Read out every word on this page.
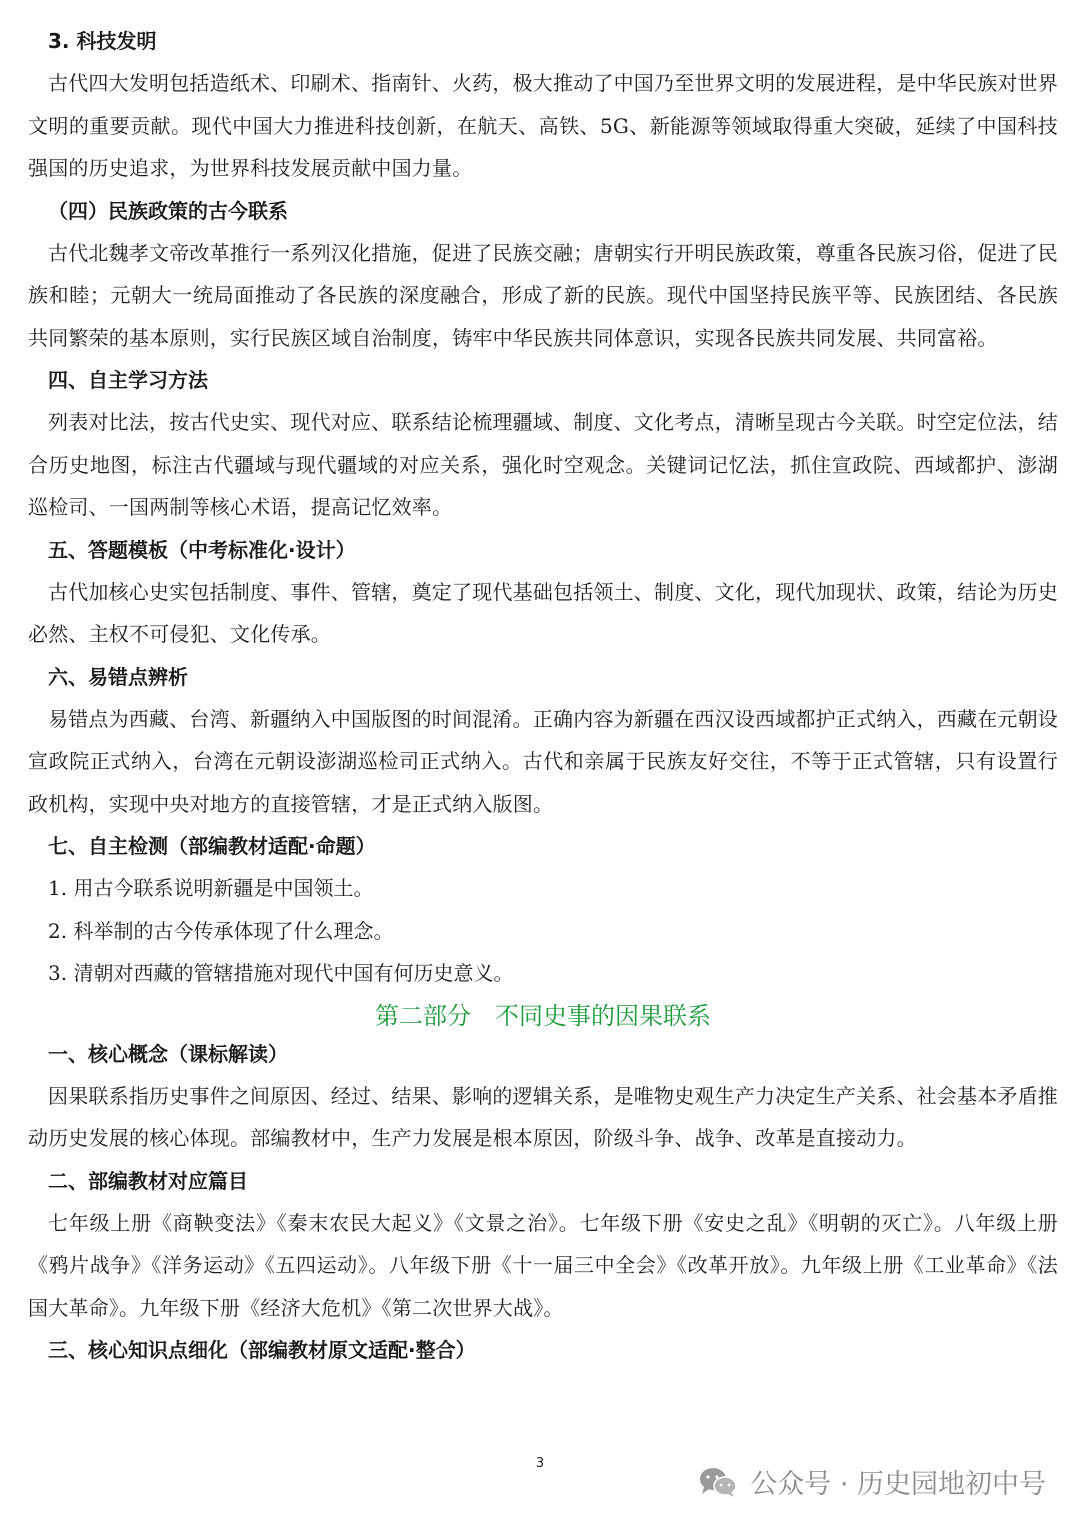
3. 科技发明

古代四大发明包括造纸术、印刷术、指南针、火药，极大推动了中国乃至世界文明的发展进程，是中华民族对世界文明的重要贡献。现代中国大力推进科技创新，在航天、高铁、5G、新能源等领域取得重大突破，延续了中国科技强国的历史追求，为世界科技发展贡献中国力量。

（四）民族政策的古今联系

古代北魏孝文帝改革推行一系列汉化措施，促进了民族交融；唐朝实行开明民族政策，尊重各民族习俗，促进了民族和睦；元朝大一统局面推动了各民族的深度融合，形成了新的民族。现代中国坚持民族平等、民族团结、各民族共同繁荣的基本原则，实行民族区域自治制度，铸牢中华民族共同体意识，实现各民族共同发展、共同富裕。

四、自主学习方法

列表对比法，按古代史实、现代对应、联系结论梳理疆域、制度、文化考点，清晰呈现古今关联。时空定位法，结合历史地图，标注古代疆域与现代疆域的对应关系，强化时空观念。关键词记忆法，抓住宣政院、西域都护、澎湖巡检司、一国两制等核心术语，提高记忆效率。

五、答题模板（中考标准化·设计）

古代加核心史实包括制度、事件、管辖，奠定了现代基础包括领土、制度、文化，现代加现状、政策，结论为历史必然、主权不可侵犯、文化传承。

六、易错点辨析

易错点为西藏、台湾、新疆纳入中国版图的时间混淆。正确内容为新疆在西汉设西域都护正式纳入，西藏在元朝设宣政院正式纳入，台湾在元朝设澎湖巡检司正式纳入。古代和亲属于民族友好交往，不等于正式管辖，只有设置行政机构，实现中央对地方的直接管辖，才是正式纳入版图。

七、自主检测（部编教材适配·命题）
1. 用古今联系说明新疆是中国领土。
2. 科举制的古今传承体现了什么理念。
3. 清朝对西藏的管辖措施对现代中国有何历史意义。
第二部分　不同史事的因果联系
一、核心概念（课标解读）

因果联系指历史事件之间原因、经过、结果、影响的逻辑关系，是唯物史观生产力决定生产关系、社会基本矛盾推动历史发展的核心体现。部编教材中，生产力发展是根本原因，阶级斗争、战争、改革是直接动力。

二、部编教材对应篇目

七年级上册《商鞅变法》《秦末农民大起义》《文景之治》。七年级下册《安史之乱》《明朝的灭亡》。八年级上册《鸦片战争》《洋务运动》《五四运动》。八年级下册《十一届三中全会》《改革开放》。九年级上册《工业革命》《法国大革命》。九年级下册《经济大危机》《第二次世界大战》。

三、核心知识点细化（部编教材原文适配·整合）
3
公众号 · 历史园地初中号
